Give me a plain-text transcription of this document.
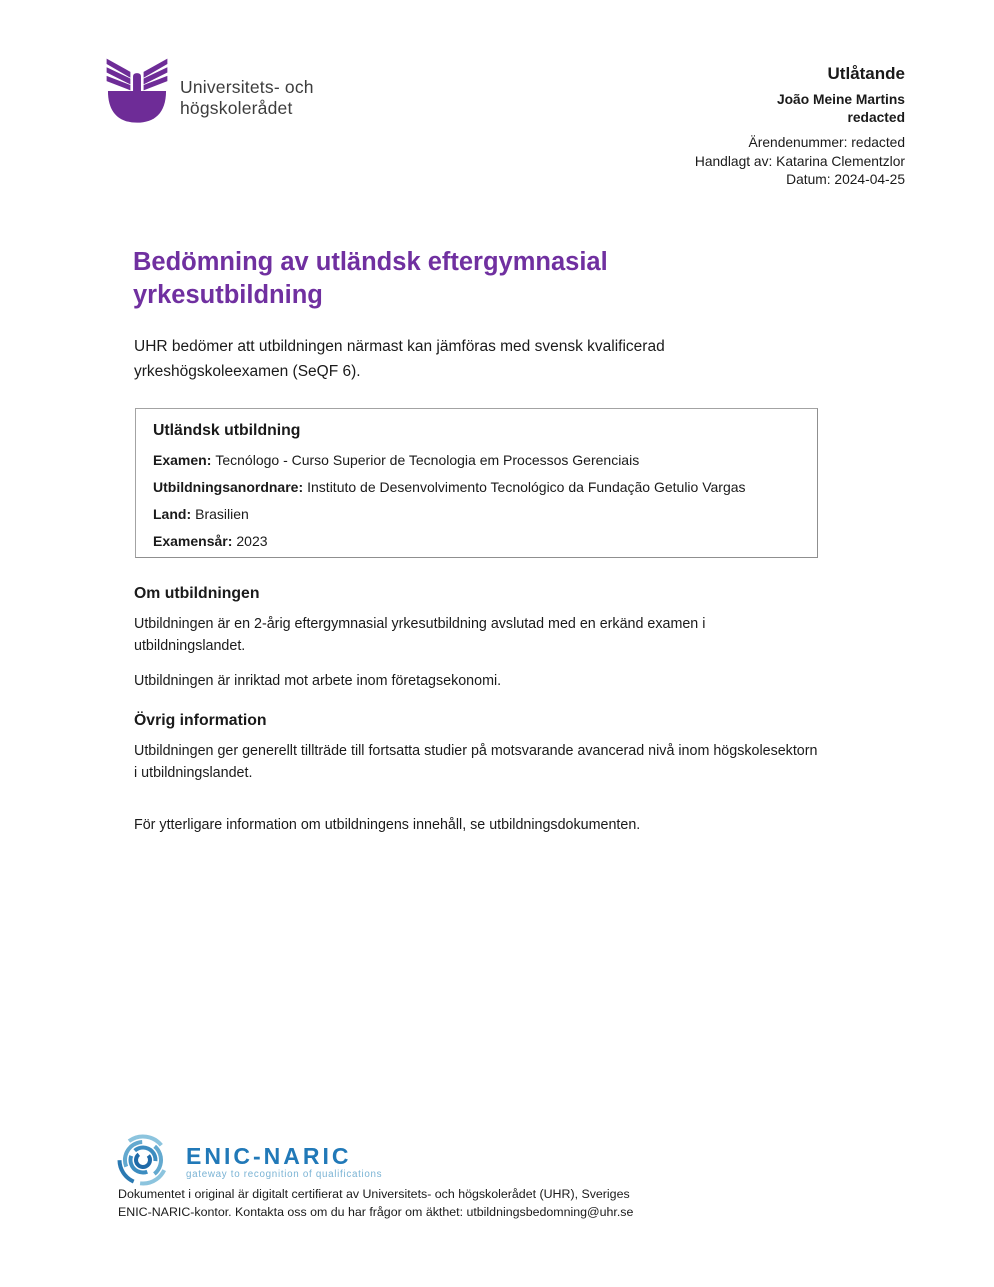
Universitets- och
högskolerådet
Utlåtande
João Meine Martins
redacted
Ärendenummer: redacted
Handlagt av: Katarina Clementzlor
Datum: 2024-04-25
Bedömning av utländsk eftergymnasial yrkesutbildning

UHR bedömer att utbildningen närmast kan jämföras med svensk kvalificerad yrkeshögskoleexamen (SeQF 6).

Utländsk utbildning
Examen: Tecnólogo - Curso Superior de Tecnologia em Processos Gerenciais
Utbildningsanordnare: Instituto de Desenvolvimento Tecnológico da Fundação Getulio Vargas
Land: Brasilien
Examensår: 2023
Om utbildningen

Utbildningen är en 2-årig eftergymnasial yrkesutbildning avslutad med en erkänd examen i utbildningslandet.

Utbildningen är inriktad mot arbete inom företagsekonomi.

Övrig information

Utbildningen ger generellt tillträde till fortsatta studier på motsvarande avancerad nivå inom högskolesektorn i utbildningslandet.

För ytterligare information om utbildningens innehåll, se utbildningsdokumenten.

ENIC-NARIC
gateway to recognition of qualifications
Dokumentet i original är digitalt certifierat av Universitets- och högskolerådet (UHR), Sveriges
ENIC-NARIC-kontor. Kontakta oss om du har frågor om äkthet: utbildningsbedomning@uhr.se
